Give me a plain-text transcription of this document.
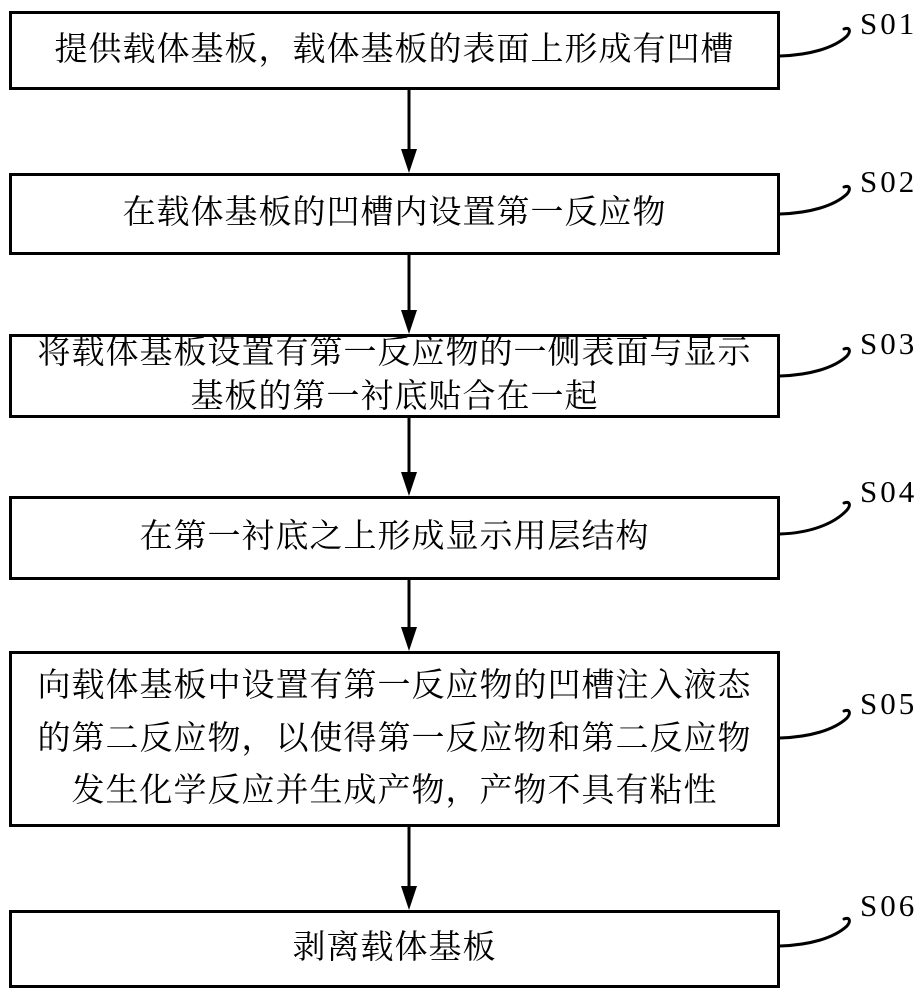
提供载体基板，载体基板的表面上形成有凹槽
在载体基板的凹槽内设置第一反应物
将载体基板设置有第一反应物的一侧表面与显示
基板的第一衬底贴合在一起
在第一衬底之上形成显示用层结构
向载体基板中设置有第一反应物的凹槽注入液态
的第二反应物，以使得第一反应物和第二反应物
发生化学反应并生成产物，产物不具有粘性
剥离载体基板
S01
S02
S03
S04
S05
S06
